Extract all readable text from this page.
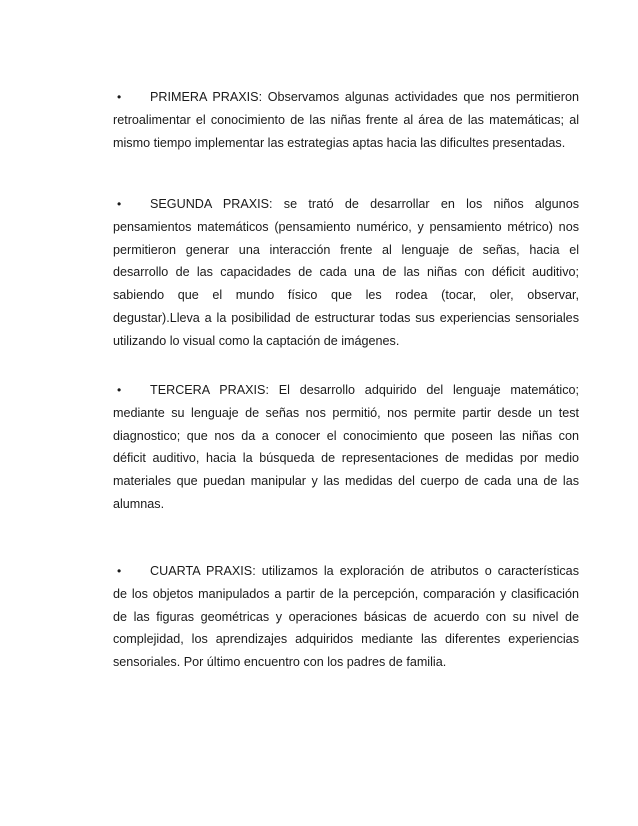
• PRIMERA PRAXIS: Observamos algunas actividades que nos permitieron
retroalimentar el conocimiento de las niñas frente al área de las matemáticas; al
mismo tiempo implementar las estrategias aptas hacia las dificultes presentadas.
• SEGUNDA PRAXIS: se trató de desarrollar en los niños algunos
pensamientos matemáticos (pensamiento numérico, y pensamiento métrico) nos
permitieron generar una interacción frente al lenguaje de señas, hacia el
desarrollo de las capacidades de cada una de las niñas con déficit auditivo;
sabiendo que el mundo físico que les rodea (tocar, oler, observar,
degustar).Lleva a la posibilidad de estructurar todas sus experiencias sensoriales
utilizando lo visual como la captación de imágenes.
• TERCERA PRAXIS: El desarrollo adquirido del lenguaje matemático;
mediante su lenguaje de señas nos permitió, nos permite partir desde un test
diagnostico; que nos da a conocer el conocimiento que poseen las niñas con
déficit auditivo, hacia la búsqueda de representaciones de medidas por medio
materiales que puedan manipular y las medidas del cuerpo de cada una de las
alumnas.
• CUARTA PRAXIS: utilizamos la exploración de atributos o características
de los objetos manipulados a partir de la percepción, comparación y clasificación
de las figuras geométricas y operaciones básicas de acuerdo con su nivel de
complejidad, los aprendizajes adquiridos mediante las diferentes experiencias
sensoriales. Por último encuentro con los padres de familia.
